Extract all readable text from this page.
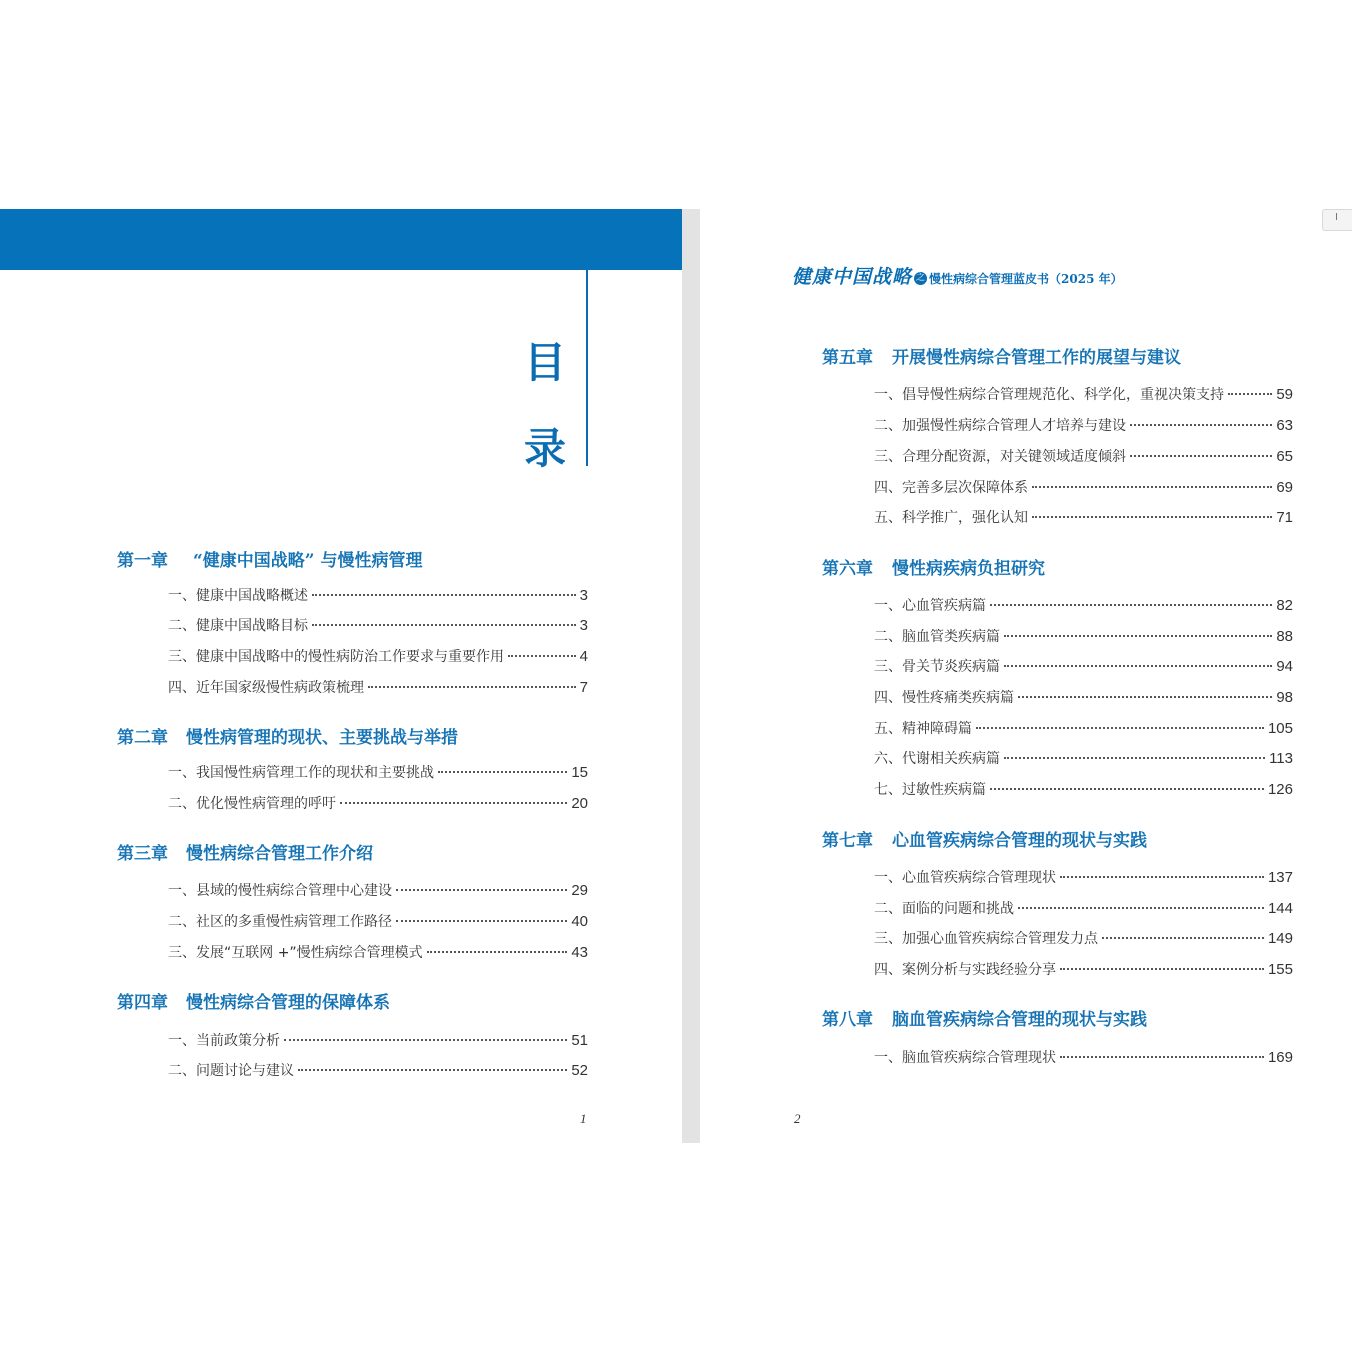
目
录
健康中国战略 之 慢性病综合管理蓝皮书（2025 年）
第一章 “健康中国战略” 与慢性病管理
一、健康中国战略概述	3
二、健康中国战略目标	3
三、健康中国战略中的慢性病防治工作要求与重要作用	4
四、近年国家级慢性病政策梳理	7
第二章 慢性病管理的现状、主要挑战与举措
一、我国慢性病管理工作的现状和主要挑战	15
二、优化慢性病管理的呼吁	20
第三章 慢性病综合管理工作介绍
一、县域的慢性病综合管理中心建设	29
二、社区的多重慢性病管理工作路径	40
三、发展“互联网 +”慢性病综合管理模式	43
第四章 慢性病综合管理的保障体系
一、当前政策分析	51
二、问题讨论与建议	52
1
第五章 开展慢性病综合管理工作的展望与建议
一、倡导慢性病综合管理规范化、科学化，重视决策支持	59
二、加强慢性病综合管理人才培养与建设	63
三、合理分配资源，对关键领域适度倾斜	65
四、完善多层次保障体系	69
五、科学推广，强化认知	71
第六章 慢性病疾病负担研究
一、心血管疾病篇	82
二、脑血管类疾病篇	88
三、骨关节炎疾病篇	94
四、慢性疼痛类疾病篇	98
五、精神障碍篇	105
六、代谢相关疾病篇	113
七、过敏性疾病篇	126
第七章 心血管疾病综合管理的现状与实践
一、心血管疾病综合管理现状	137
二、面临的问题和挑战	144
三、加强心血管疾病综合管理发力点	149
四、案例分析与实践经验分享	155
第八章 脑血管疾病综合管理的现状与实践
一、脑血管疾病综合管理现状	169
2
